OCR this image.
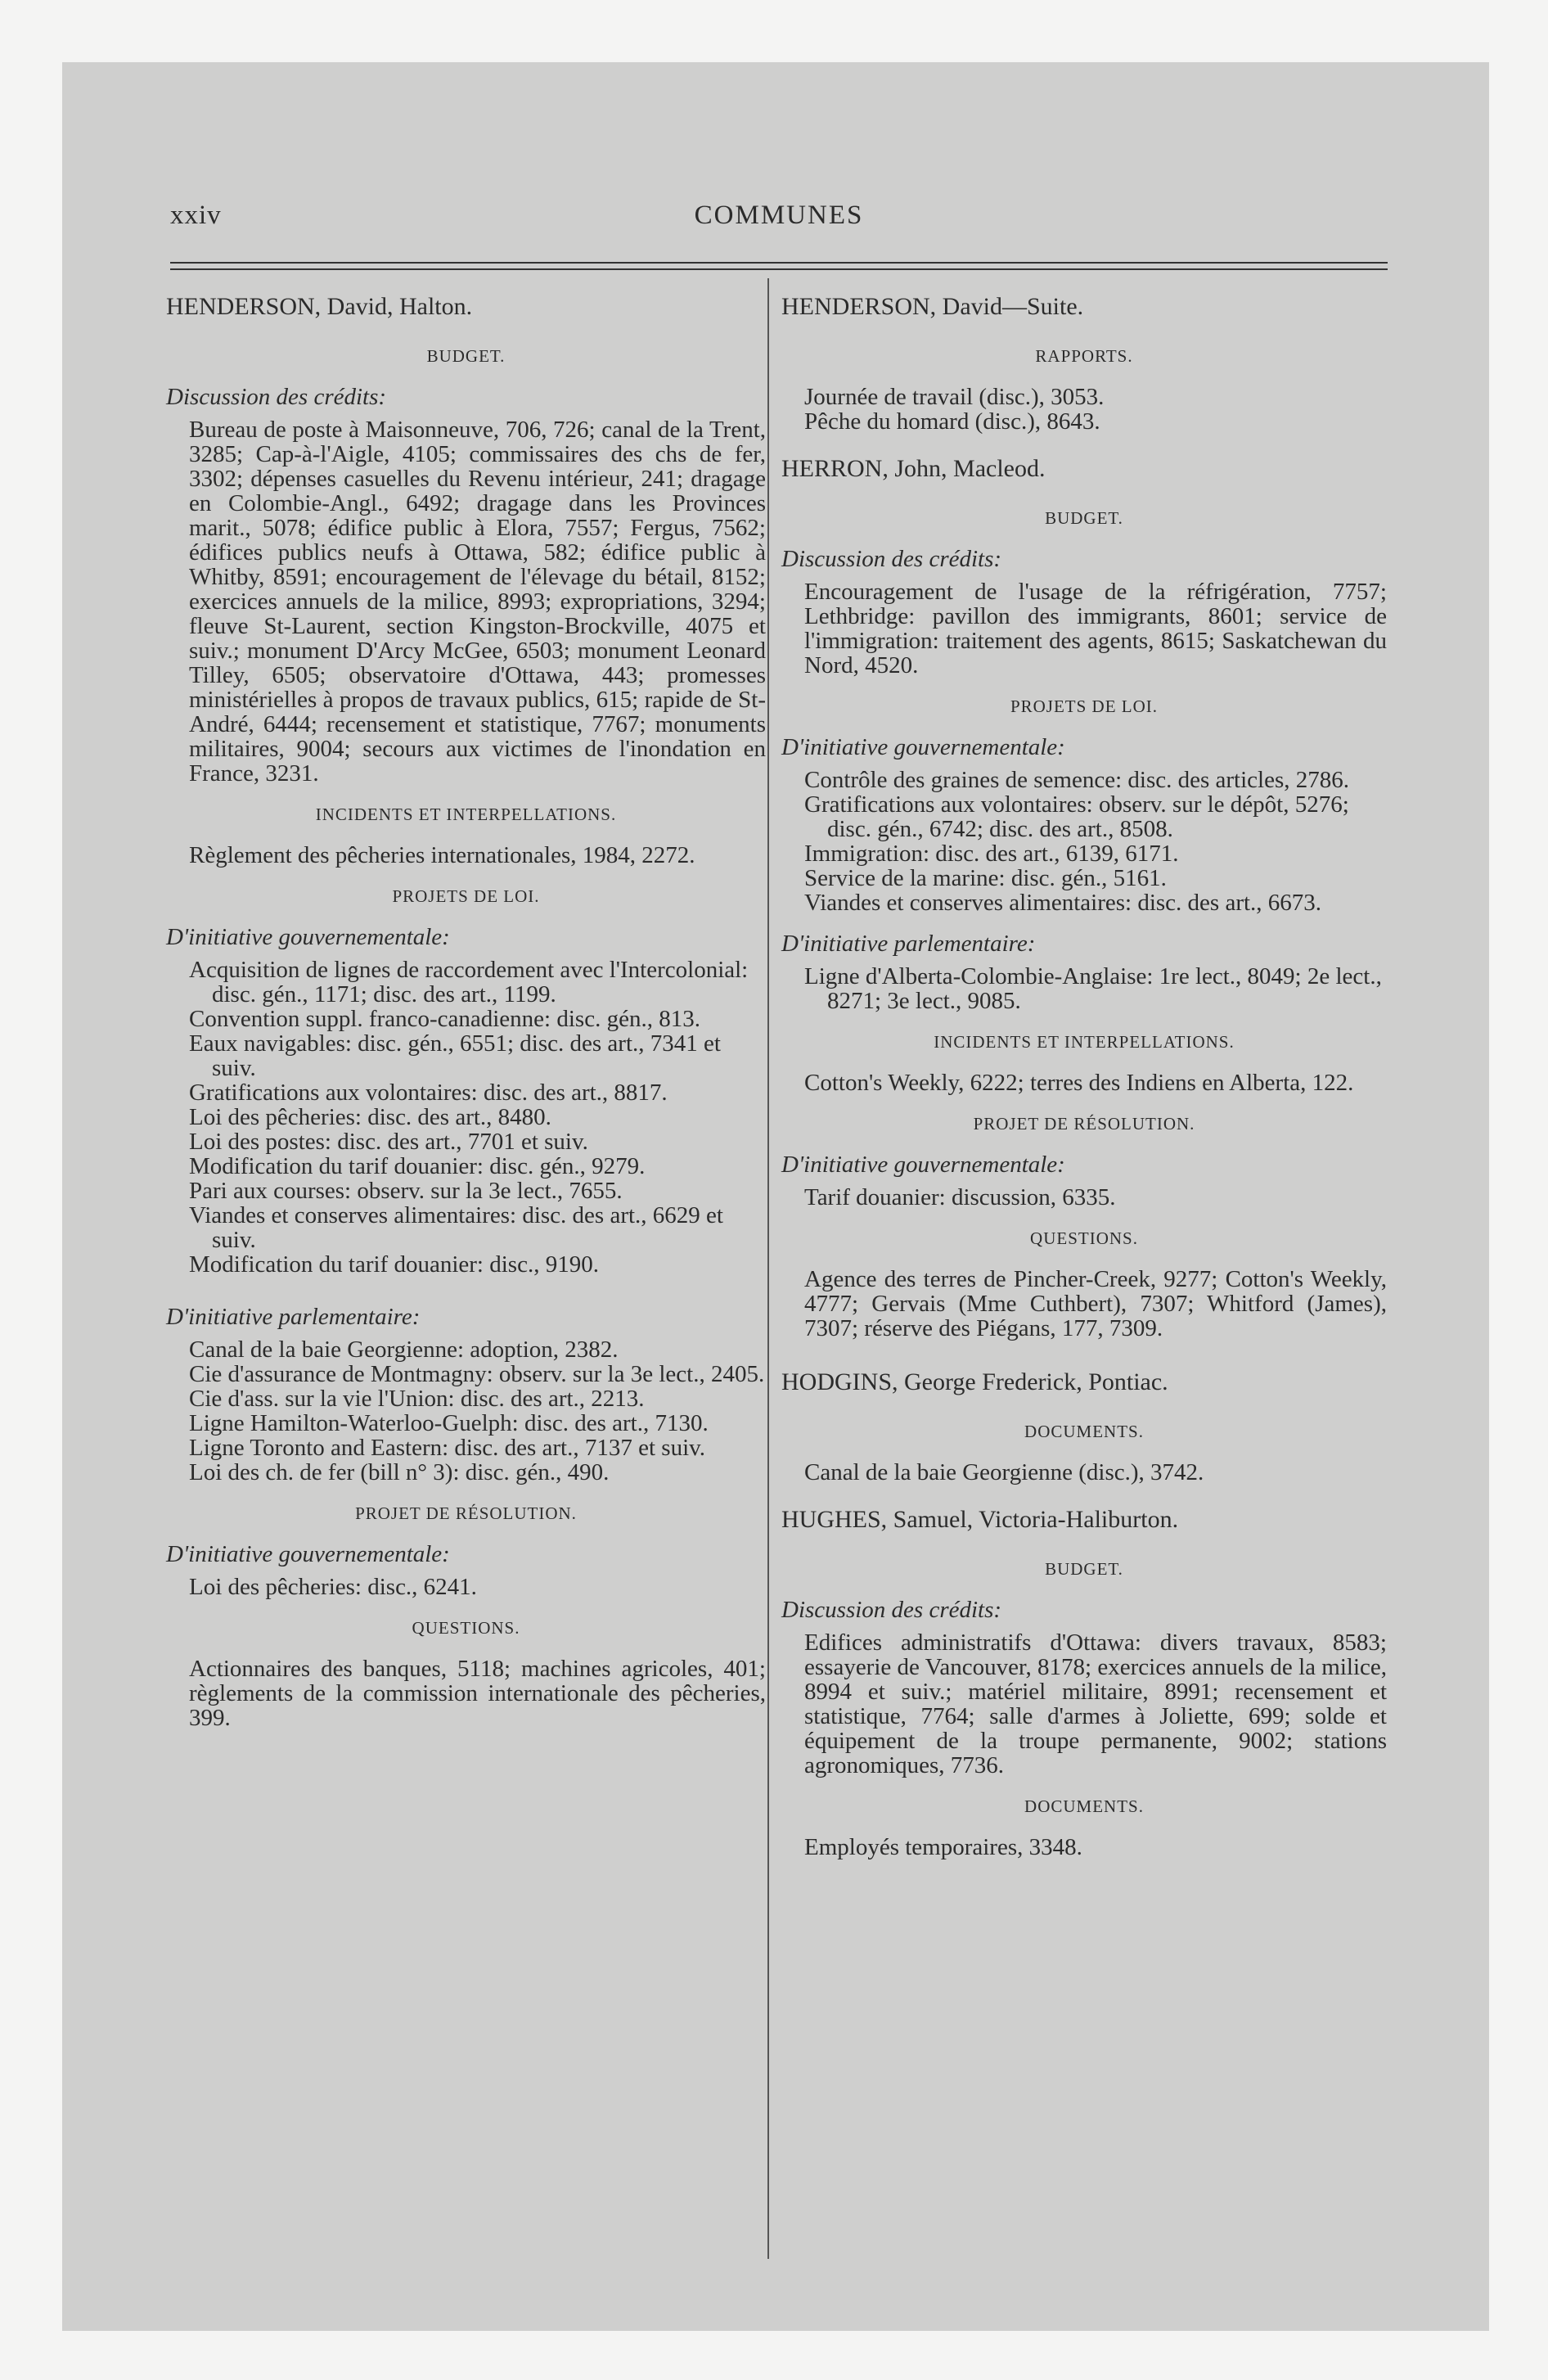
xxiv	COMMUNES
HENDERSON, David, Halton.
BUDGET.
Discussion des crédits:
Bureau de poste à Maisonneuve, 706, 726; canal de la Trent, 3285; Cap-à-l'Aigle, 4105; commissaires des chs de fer, 3302; dépenses casuelles du Revenu intérieur, 241; dragage en Colombie-Angl., 6492; dragage dans les Provinces marit., 5078; édifice public à Elora, 7557; Fergus, 7562; édifices publics neufs à Ottawa, 582; édifice public à Whitby, 8591; encouragement de l'élevage du bétail, 8152; exercices annuels de la milice, 8993; expropriations, 3294; fleuve St-Laurent, section Kingston-Brockville, 4075 et suiv.; monument D'Arcy McGee, 6503; monument Leonard Tilley, 6505; observatoire d'Ottawa, 443; promesses ministérielles à propos de travaux publics, 615; rapide de St-André, 6444; recensement et statistique, 7767; monuments militaires, 9004; secours aux victimes de l'inondation en France, 3231.
INCIDENTS ET INTERPELLATIONS.
Règlement des pêcheries internationales, 1984, 2272.
PROJETS DE LOI.
D'initiative gouvernementale:
Acquisition de lignes de raccordement avec l'Intercolonial: disc. gén., 1171; disc. des art., 1199.
Convention suppl. franco-canadienne: disc. gén., 813.
Eaux navigables: disc. gén., 6551; disc. des art., 7341 et suiv.
Gratifications aux volontaires: disc. des art., 8817.
Loi des pêcheries: disc. des art., 8480.
Loi des postes: disc. des art., 7701 et suiv.
Modification du tarif douanier: disc. gén., 9279.
Pari aux courses: observ. sur la 3e lect., 7655.
Viandes et conserves alimentaires: disc. des art., 6629 et suiv.
Modification du tarif douanier: disc., 9190.
D'initiative parlementaire:
Canal de la baie Georgienne: adoption, 2382.
Cie d'assurance de Montmagny: observ. sur la 3e lect., 2405.
Cie d'ass. sur la vie l'Union: disc. des art., 2213.
Ligne Hamilton-Waterloo-Guelph: disc. des art., 7130.
Ligne Toronto and Eastern: disc. des art., 7137 et suiv.
Loi des ch. de fer (bill n° 3): disc. gén., 490.
PROJET DE RÉSOLUTION.
D'initiative gouvernementale:
Loi des pêcheries: disc., 6241.
QUESTIONS.
Actionnaires des banques, 5118; machines agricoles, 401; règlements de la commission internationale des pêcheries, 399.
HENDERSON, David—Suite.
RAPPORTS.
Journée de travail (disc.), 3053.
Pêche du homard (disc.), 8643.
HERRON, John, Macleod.
BUDGET.
Discussion des crédits:
Encouragement de l'usage de la réfrigération, 7757; Lethbridge: pavillon des immigrants, 8601; service de l'immigration: traitement des agents, 8615; Saskatchewan du Nord, 4520.
PROJETS DE LOI.
D'initiative gouvernementale:
Contrôle des graines de semence: disc. des articles, 2786.
Gratifications aux volontaires: observ. sur le dépôt, 5276; disc. gén., 6742; disc. des art., 8508.
Immigration: disc. des art., 6139, 6171.
Service de la marine: disc. gén., 5161.
Viandes et conserves alimentaires: disc. des art., 6673.
D'initiative parlementaire:
Ligne d'Alberta-Colombie-Anglaise: 1re lect., 8049; 2e lect., 8271; 3e lect., 9085.
INCIDENTS ET INTERPELLATIONS.
Cotton's Weekly, 6222; terres des Indiens en Alberta, 122.
PROJET DE RÉSOLUTION.
D'initiative gouvernementale:
Tarif douanier: discussion, 6335.
QUESTIONS.
Agence des terres de Pincher-Creek, 9277; Cotton's Weekly, 4777; Gervais (Mme Cuthbert), 7307; Whitford (James), 7307; réserve des Piégans, 177, 7309.
HODGINS, George Frederick, Pontiac.
DOCUMENTS.
Canal de la baie Georgienne (disc.), 3742.
HUGHES, Samuel, Victoria-Haliburton.
BUDGET.
Discussion des crédits:
Edifices administratifs d'Ottawa: divers travaux, 8583; essayerie de Vancouver, 8178; exercices annuels de la milice, 8994 et suiv.; matériel militaire, 8991; recensement et statistique, 7764; salle d'armes à Joliette, 699; solde et équipement de la troupe permanente, 9002; stations agronomiques, 7736.
DOCUMENTS.
Employés temporaires, 3348.
